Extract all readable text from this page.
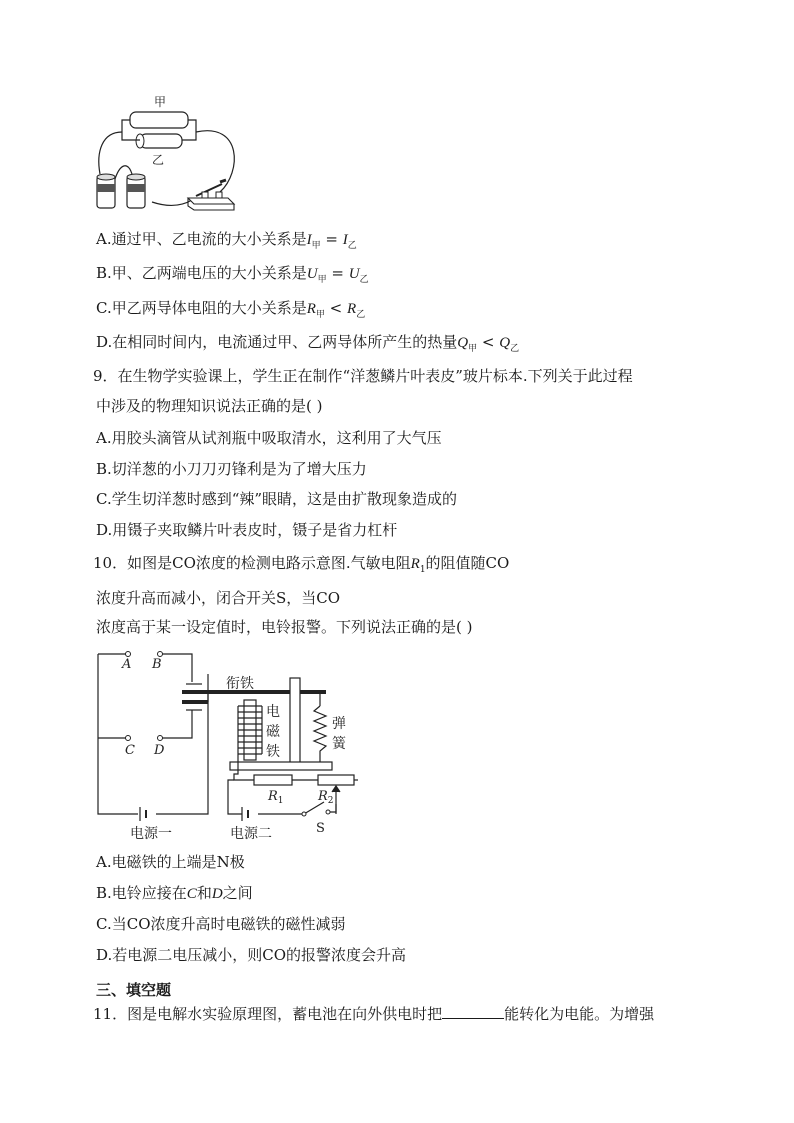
甲
乙
A.通过甲、乙电流的大小关系是$I_甲 = I_乙$
B.甲、乙两端电压的大小关系是$U_甲 = U_乙$
C.甲乙两导体电阻的大小关系是$R_甲 < R_乙$
D.在相同时间内，电流通过甲、乙两导体所产生的热量$Q_甲 < Q_乙$
9．在生物学实验课上，学生正在制作“洋葱鳞片叶表皮”玻片标本.下列关于此过程
中涉及的物理知识说法正确的是( )
A.用胶头滴管从试剂瓶中吸取清水，这利用了大气压
B.切洋葱的小刀刀刃锋利是为了增大压力
C.学生切洋葱时感到“辣”眼睛，这是由扩散现象造成的
D.用镊子夹取鳞片叶表皮时，镊子是省力杠杆
10．如图是CO浓度的检测电路示意图.气敏电阻$R_1$的阻值随CO
浓度升高而减小，闭合开关S，当CO
浓度高于某一设定值时，电铃报警。下列说法正确的是( )
A B
C D
衔铁
电
磁
铁
弹
簧
$R_1$	$R_2$
S
电源一	电源二
A.电磁铁的上端是N极
B.电铃应接在C和D之间
C.当CO浓度升高时电磁铁的磁性减弱
D.若电源二电压减小，则CO的报警浓度会升高
三、填空题
11．图是电解水实验原理图，蓄电池在向外供电时把	能转化为电能。为增强
